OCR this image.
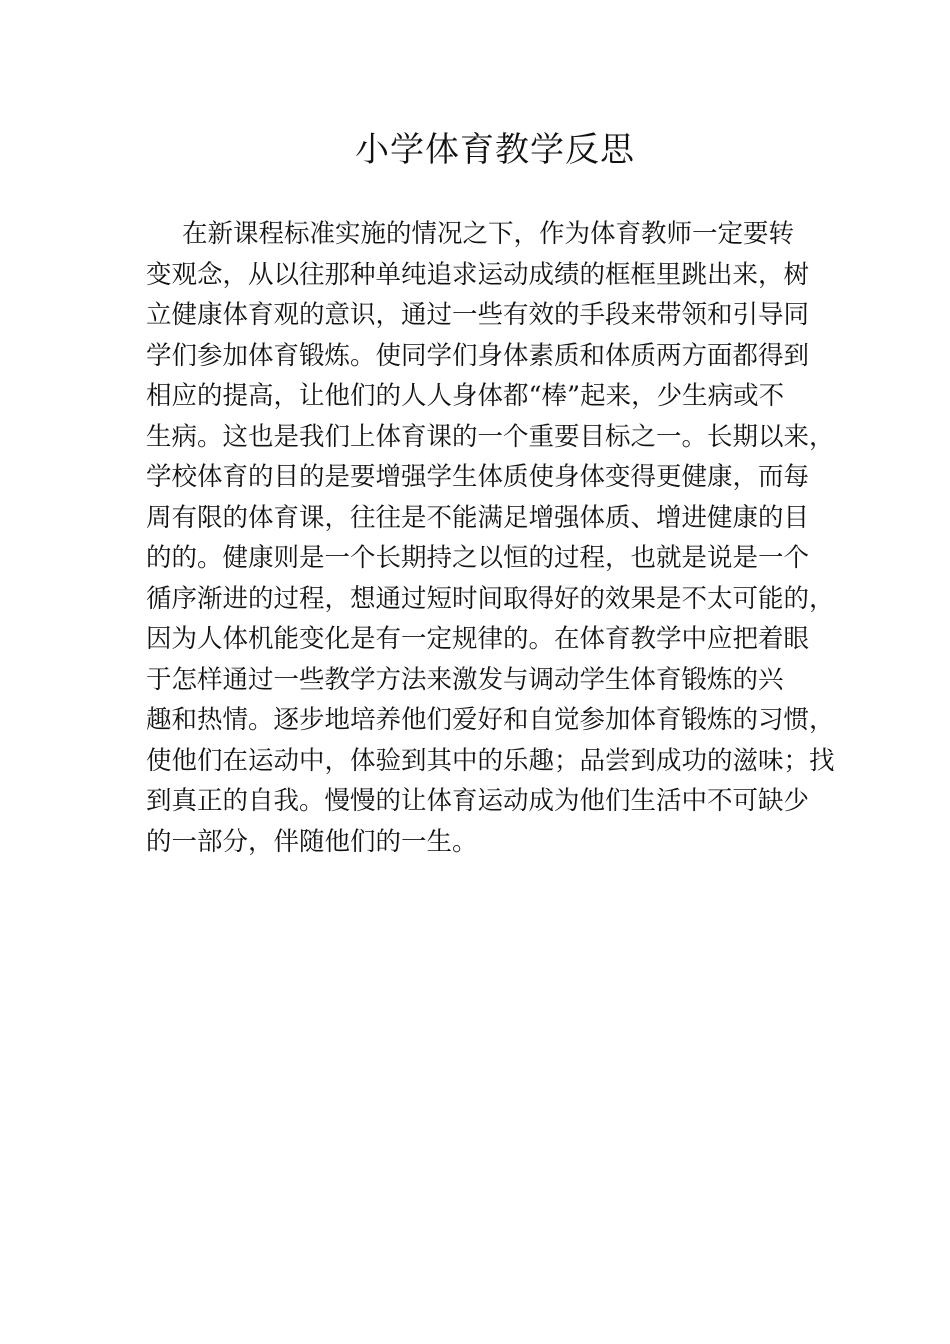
小学体育教学反思
在新课程标准实施的情况之下，作为体育教师一定要转
变观念，从以往那种单纯追求运动成绩的框框里跳出来，树
立健康体育观的意识，通过一些有效的手段来带领和引导同
学们参加体育锻炼。使同学们身体素质和体质两方面都得到
相应的提高，让他们的人人身体都“棒”起来，少生病或不
生病。这也是我们上体育课的一个重要目标之一。长期以来，
学校体育的目的是要增强学生体质使身体变得更健康，而每
周有限的体育课，往往是不能满足增强体质、增进健康的目
的的。健康则是一个长期持之以恒的过程，也就是说是一个
循序渐进的过程，想通过短时间取得好的效果是不太可能的，
因为人体机能变化是有一定规律的。在体育教学中应把着眼
于怎样通过一些教学方法来激发与调动学生体育锻炼的兴
趣和热情。逐步地培养他们爱好和自觉参加体育锻炼的习惯，
使他们在运动中，体验到其中的乐趣；品尝到成功的滋味；找
到真正的自我。慢慢的让体育运动成为他们生活中不可缺少
的一部分，伴随他们的一生。
